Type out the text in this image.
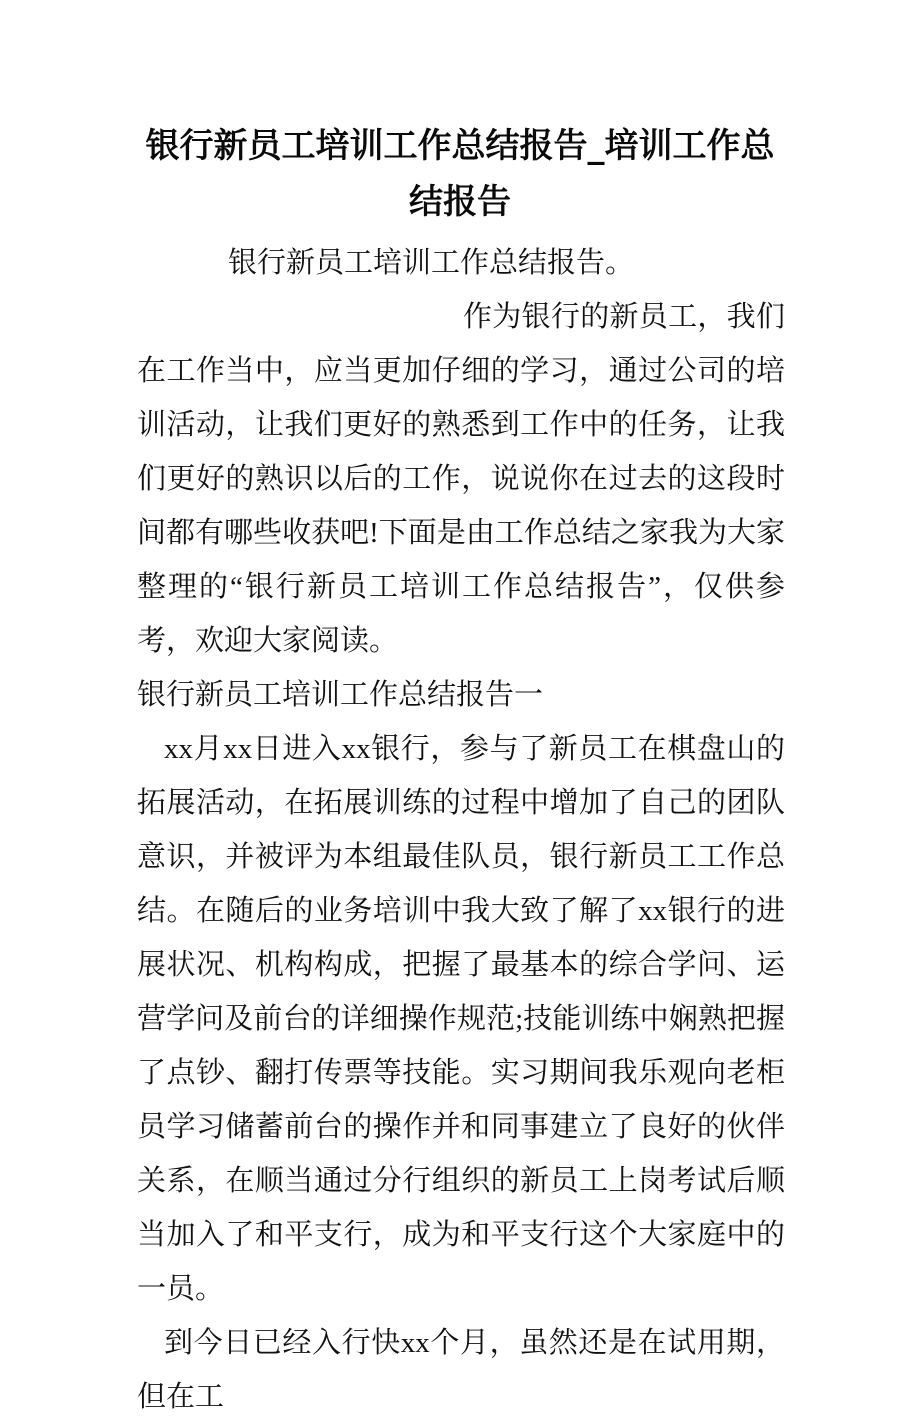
银行新员工培训工作总结报告_培训工作总结报告

银行新员工培训工作总结报告。

作为银行的新员工，我们在工作当中，应当更加仔细的学习，通过公司的培训活动，让我们更好的熟悉到工作中的任务，让我们更好的熟识以后的工作，说说你在过去的这段时间都有哪些收获吧!下面是由工作总结之家我为大家整理的“银行新员工培训工作总结报告”，仅供参考，欢迎大家阅读。

银行新员工培训工作总结报告一

xx月xx日进入xx银行，参与了新员工在棋盘山的拓展活动，在拓展训练的过程中增加了自己的团队意识，并被评为本组最佳队员，银行新员工工作总结。在随后的业务培训中我大致了解了xx银行的进展状况、机构构成，把握了最基本的综合学问、运营学问及前台的详细操作规范;技能训练中娴熟把握了点钞、翻打传票等技能。实习期间我乐观向老柜员学习储蓄前台的操作并和同事建立了良好的伙伴关系，在顺当通过分行组织的新员工上岗考试后顺当加入了和平支行，成为和平支行这个大家庭中的一员。

到今日已经入行快xx个月，虽然还是在试用期，但在工
